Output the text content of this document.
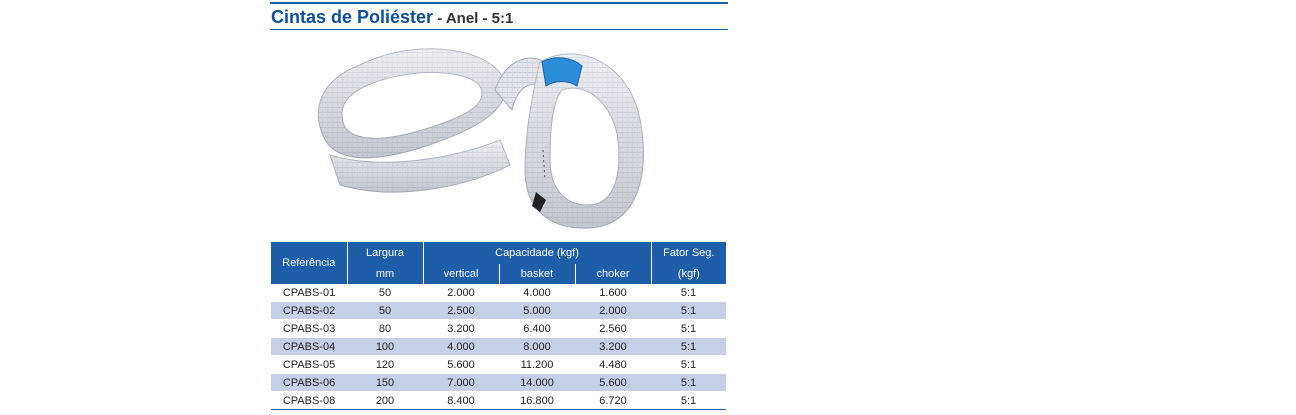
Cintas de Poliéster - Anel - 5:1
Referência	Largura	Capacidade (kgf)			Fator Seg.
	mm	vertical	basket	choker	(kgf)
CPABS-01	50	2.000	4.000	1.600	5:1
CPABS-02	50	2.500	5.000	2.000	5:1
CPABS-03	80	3.200	6.400	2.560	5:1
CPABS-04	100	4.000	8.000	3.200	5:1
CPABS-05	120	5.600	11.200	4.480	5:1
CPABS-06	150	7.000	14.000	5.600	5:1
CPABS-08	200	8.400	16.800	6.720	5:1
